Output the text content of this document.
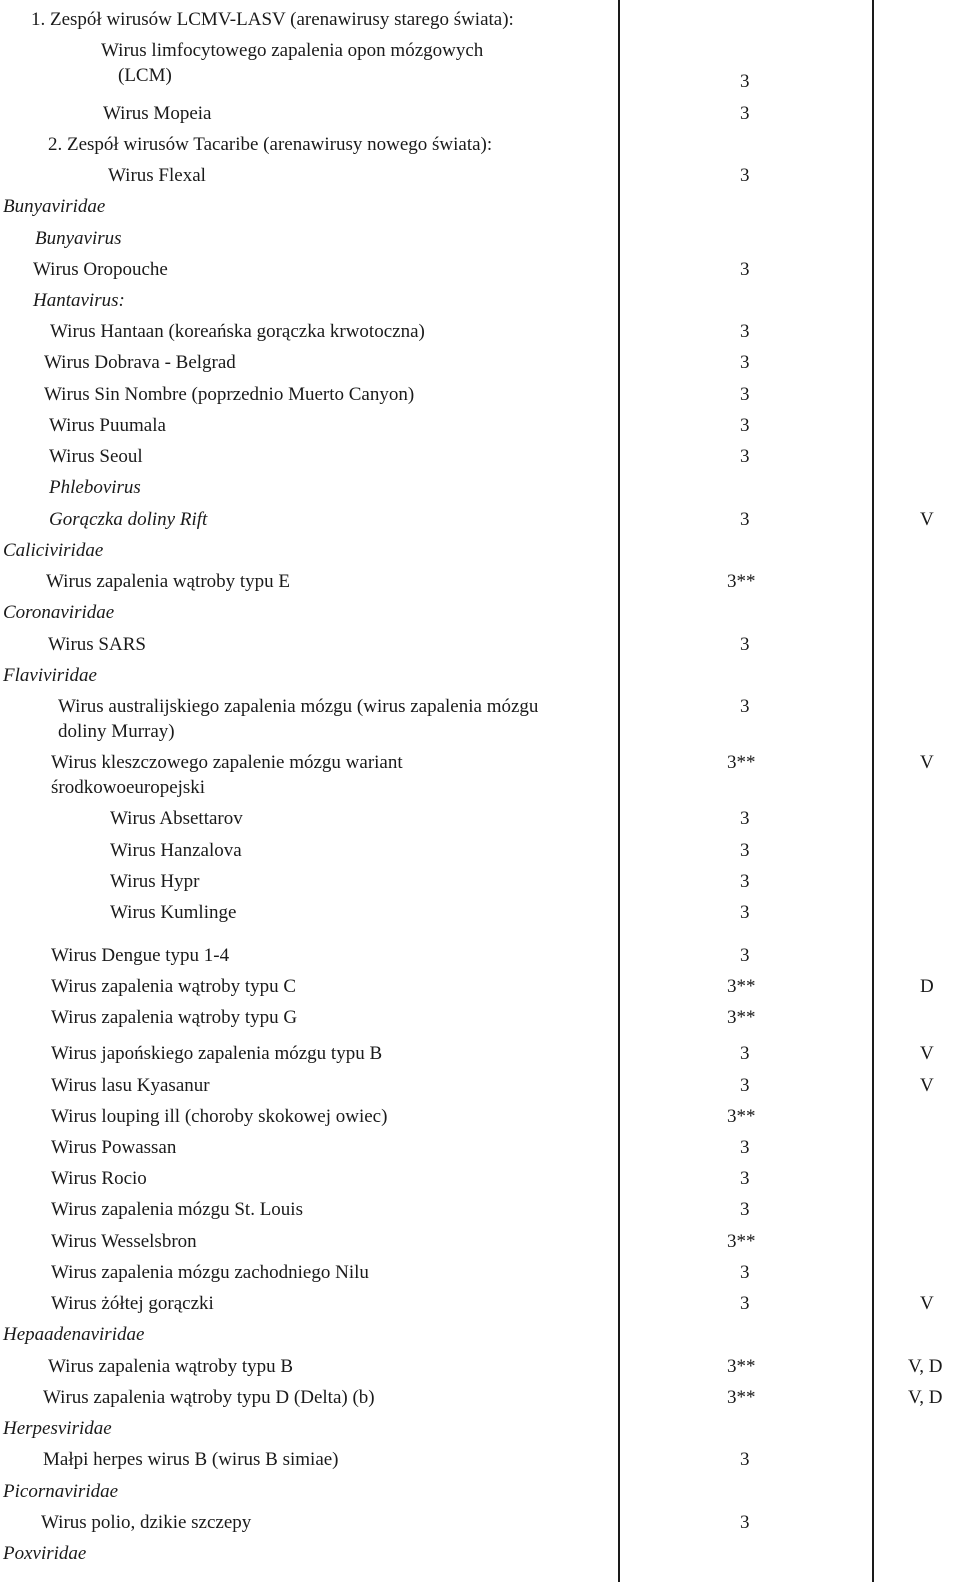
1. Zespół wirusów LCMV-LASV (arenawirusy starego świata):
Wirus limfocytowego zapalenia opon mózgowych
(LCM)	3
Wirus Mopeia	3
2. Zespół wirusów Tacaribe (arenawirusy nowego świata):
Wirus Flexal	3
Bunyaviridae
Bunyavirus
Wirus Oropouche	3
Hantavirus:
Wirus Hantaan (koreańska gorączka krwotoczna)	3
Wirus Dobrava - Belgrad	3
Wirus Sin Nombre (poprzednio Muerto Canyon)	3
Wirus Puumala	3
Wirus Seoul	3
Phlebovirus
Gorączka doliny Rift	3	V
Caliciviridae
Wirus zapalenia wątroby typu E	3**
Coronaviridae
Wirus SARS	3
Flaviviridae
Wirus australijskiego zapalenia mózgu (wirus zapalenia mózgu	3
doliny Murray)
Wirus kleszczowego zapalenie mózgu wariant	3**	V
środkowoeuropejski
Wirus Absettarov	3
Wirus Hanzalova	3
Wirus Hypr	3
Wirus Kumlinge	3
Wirus Dengue typu 1-4	3
Wirus zapalenia wątroby typu C	3**	D
Wirus zapalenia wątroby typu G	3**
Wirus japońskiego zapalenia mózgu typu B	3	V
Wirus lasu Kyasanur	3	V
Wirus louping ill (choroby skokowej owiec)	3**
Wirus Powassan	3
Wirus Rocio	3
Wirus zapalenia mózgu St. Louis	3
Wirus Wesselsbron	3**
Wirus zapalenia mózgu zachodniego Nilu	3
Wirus żółtej gorączki	3	V
Hepaadenaviridae
Wirus zapalenia wątroby typu B	3**	V, D
Wirus zapalenia wątroby typu D (Delta) (b)	3**	V, D
Herpesviridae
Małpi herpes wirus B (wirus B simiae)	3
Picornaviridae
Wirus polio, dzikie szczepy	3
Poxviridae
